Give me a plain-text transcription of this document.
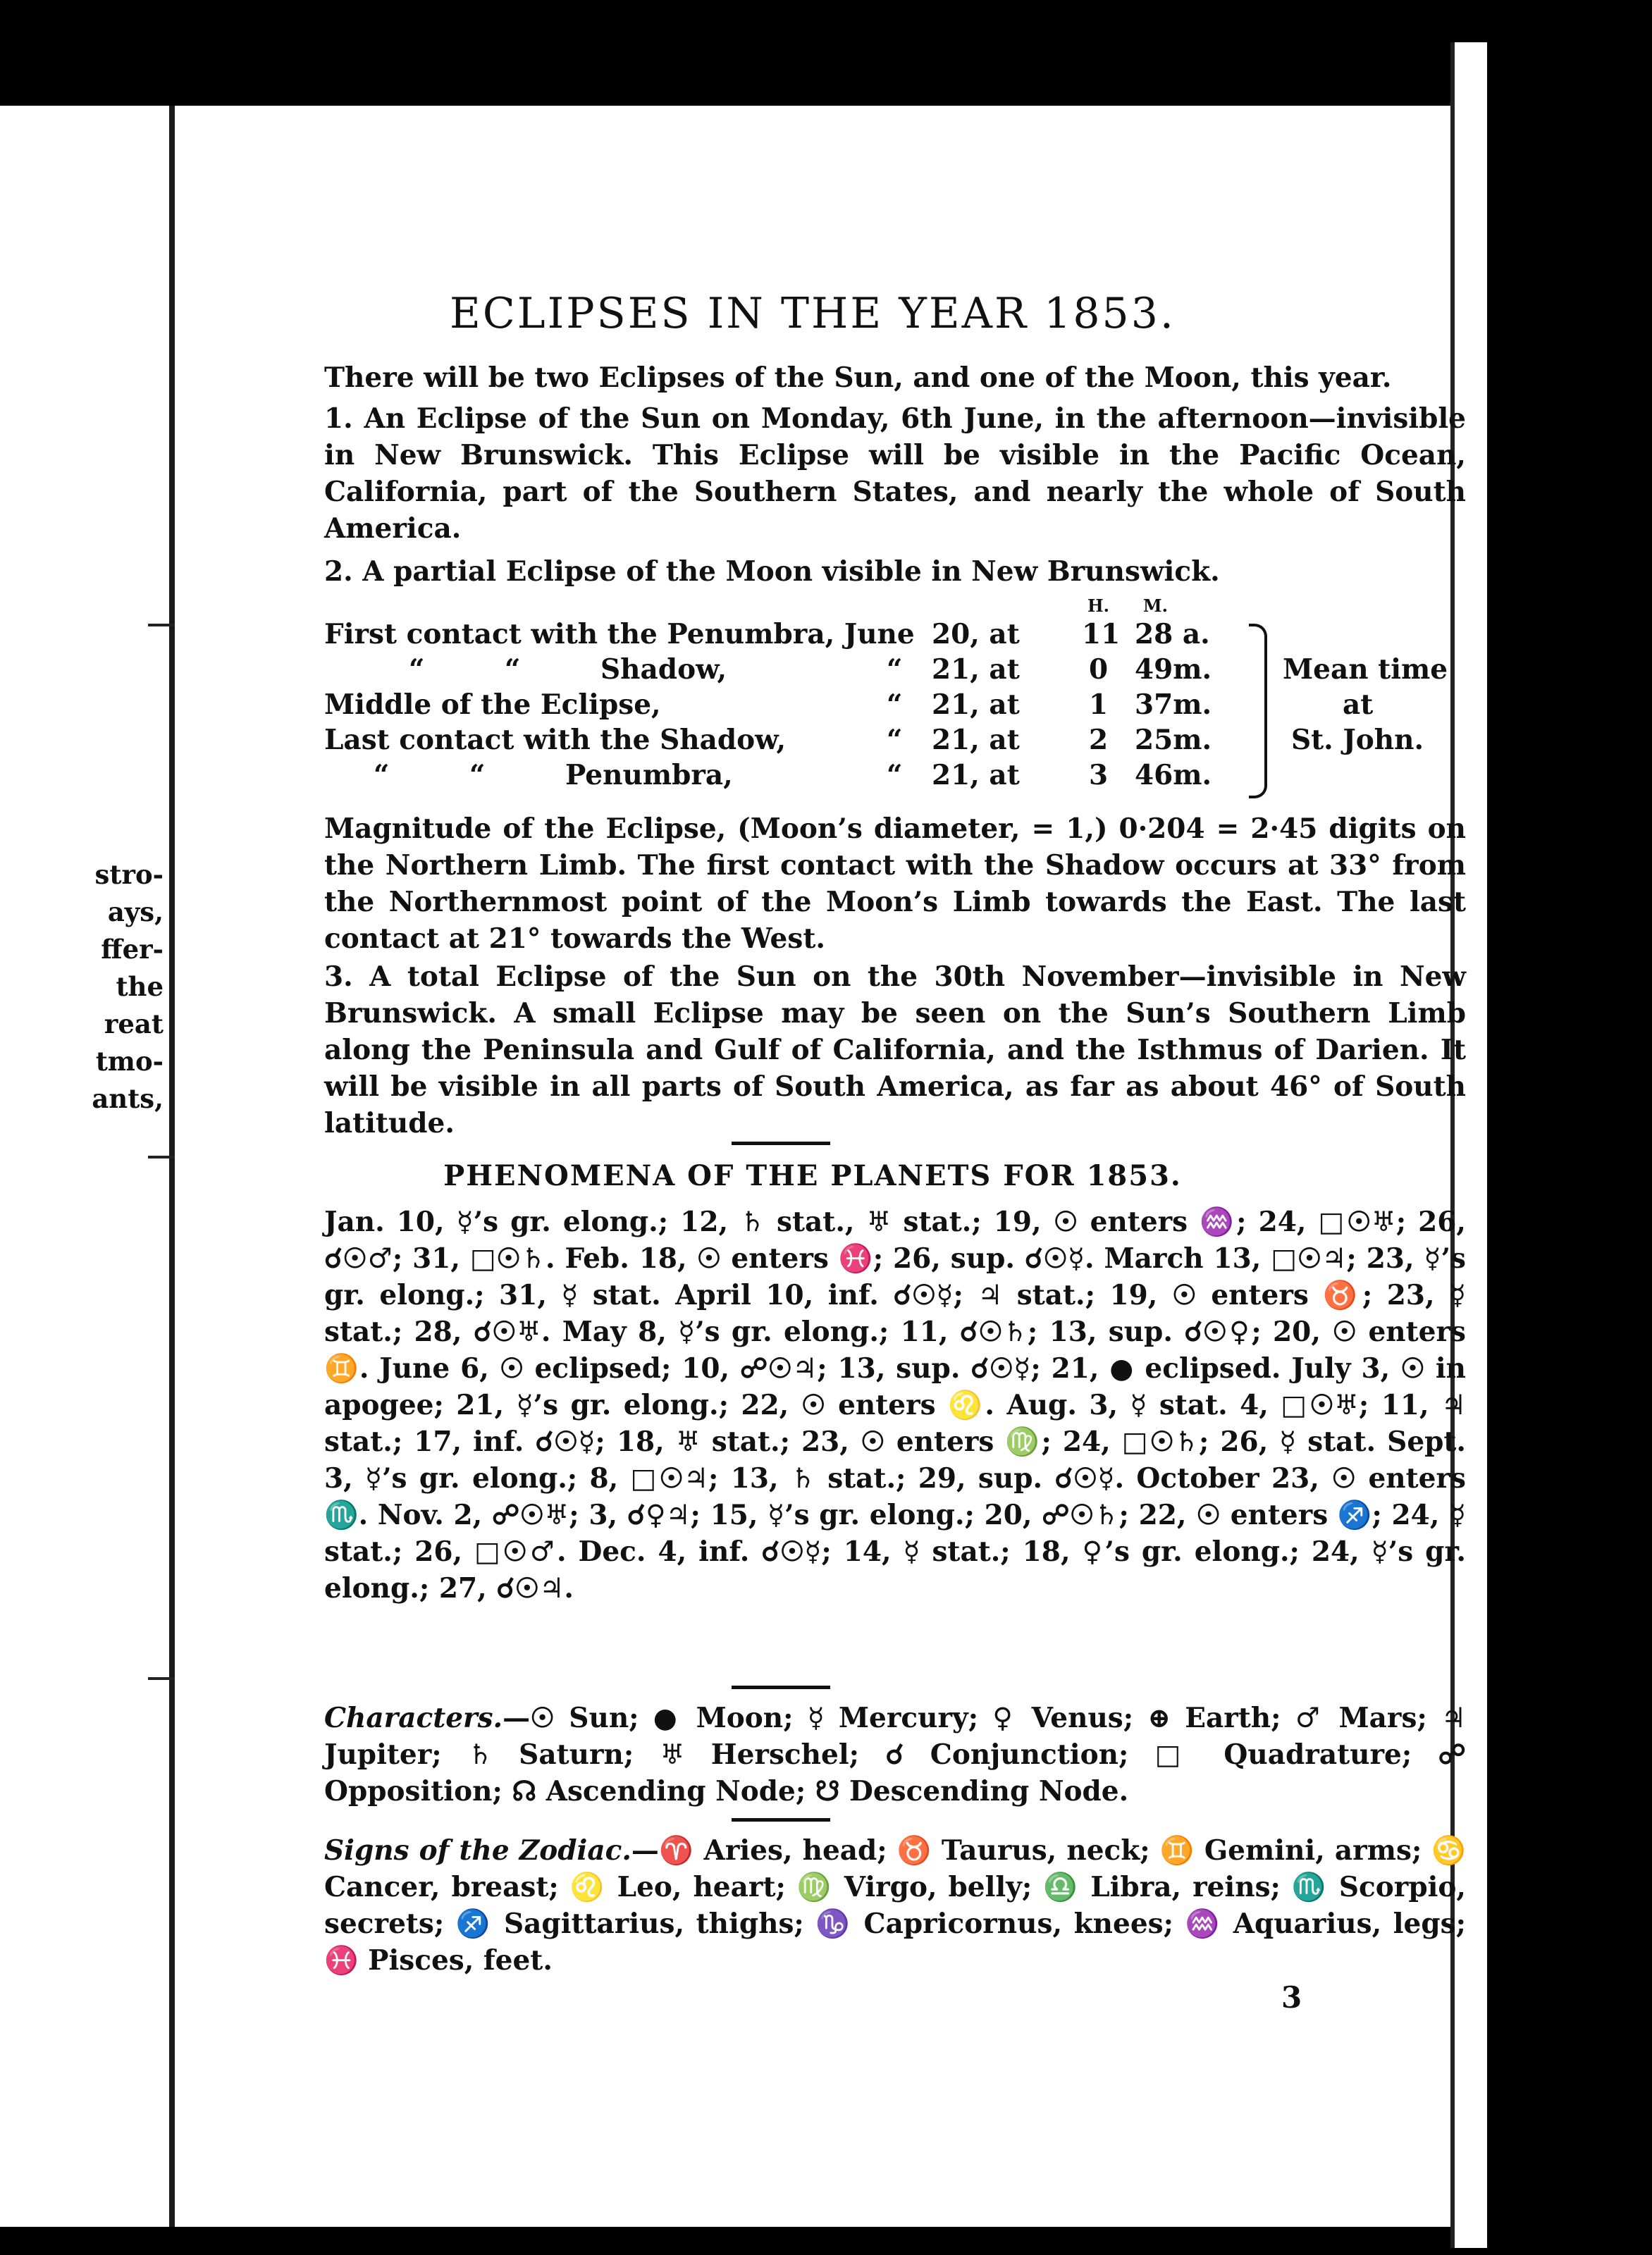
stro-
ays,
ffer-
the
reat
tmo-
ants,
ECLIPSES IN THE YEAR 1853.
There will be two Eclipses of the Sun, and one of the Moon, this year.
1. An Eclipse of the Sun on Monday, 6th June, in the afternoon—invisible in New Brunswick. This Eclipse will be visible in the Pacific Ocean, California, part of the Southern States, and nearly the whole of South America.
2. A partial Eclipse of the Moon visible in New Brunswick.
H. M.
First contact with the Penumbra, June 20, at 11 28 a.
“ “ Shadow,	“ 21, at	0 49m.
Middle of the Eclipse,	“ 21, at	1 37m.
Last contact with the Shadow,	“ 21, at	2 25m.
“ “ Penumbra,	“ 21, at	3 46m.
Mean time
at
St. John.
Magnitude of the Eclipse, (Moon’s diameter, = 1,) 0·204 = 2·45 digits on the Northern Limb. The first contact with the Shadow occurs at 33° from the Northernmost point of the Moon’s Limb towards the East. The last contact at 21° towards the West.
3. A total Eclipse of the Sun on the 30th November—invisible in New Brunswick. A small Eclipse may be seen on the Sun’s Southern Limb along the Peninsula and Gulf of California, and the Isthmus of Darien. It will be visible in all parts of South America, as far as about 46° of South latitude.
PHENOMENA OF THE PLANETS FOR 1853.
Jan. 10, ☿’s gr. elong.; 12, ♄ stat., ♅ stat.; 19, ☉ enters ♒; 24, □☉♅; 26, ☌☉♂; 31, □☉♄. Feb. 18, ☉ enters ♓; 26, sup. ☌☉☿. March 13, □☉♃; 23, ☿’s gr. elong.; 31, ☿ stat. April 10, inf. ☌☉☿; ♃ stat.; 19, ☉ enters ♉; 23, ☿ stat.; 28, ☌☉♅. May 8, ☿’s gr. elong.; 11, ☌☉♄; 13, sup. ☌☉♀; 20, ☉ enters ♊. June 6, ☉ eclipsed; 10, ☍☉♃; 13, sup. ☌☉☿; 21, ● eclipsed. July 3, ☉ in apogee; 21, ☿’s gr. elong.; 22, ☉ enters ♌. Aug. 3, ☿ stat. 4, □☉♅; 11, ♃ stat.; 17, inf. ☌☉☿; 18, ♅ stat.; 23, ☉ enters ♍; 24, □☉♄; 26, ☿ stat. Sept. 3, ☿’s gr. elong.; 8, □☉♃; 13, ♄ stat.; 29, sup. ☌☉☿. October 23, ☉ enters ♏. Nov. 2, ☍☉♅; 3, ☌♀♃; 15, ☿’s gr. elong.; 20, ☍☉♄; 22, ☉ enters ♐; 24, ☿ stat.; 26, □☉♂. Dec. 4, inf. ☌☉☿; 14, ☿ stat.; 18, ♀’s gr. elong.; 24, ☿’s gr. elong.; 27, ☌☉♃.
Characters.—☉ Sun; ● Moon; ☿ Mercury; ♀ Venus; ⊕ Earth; ♂ Mars; ♃ Jupiter; ♄ Saturn; ♅ Herschel; ☌ Conjunction; □ Quadrature; ☍ Opposition; ☊ Ascending Node; ☋ Descending Node.
Signs of the Zodiac.—♈ Aries, head; ♉ Taurus, neck; ♊ Gemini, arms; ♋ Cancer, breast; ♌ Leo, heart; ♍ Virgo, belly; ♎ Libra, reins; ♏ Scorpio, secrets; ♐ Sagittarius, thighs; ♑ Capricornus, knees; ♒ Aquarius, legs; ♓ Pisces, feet.
3
